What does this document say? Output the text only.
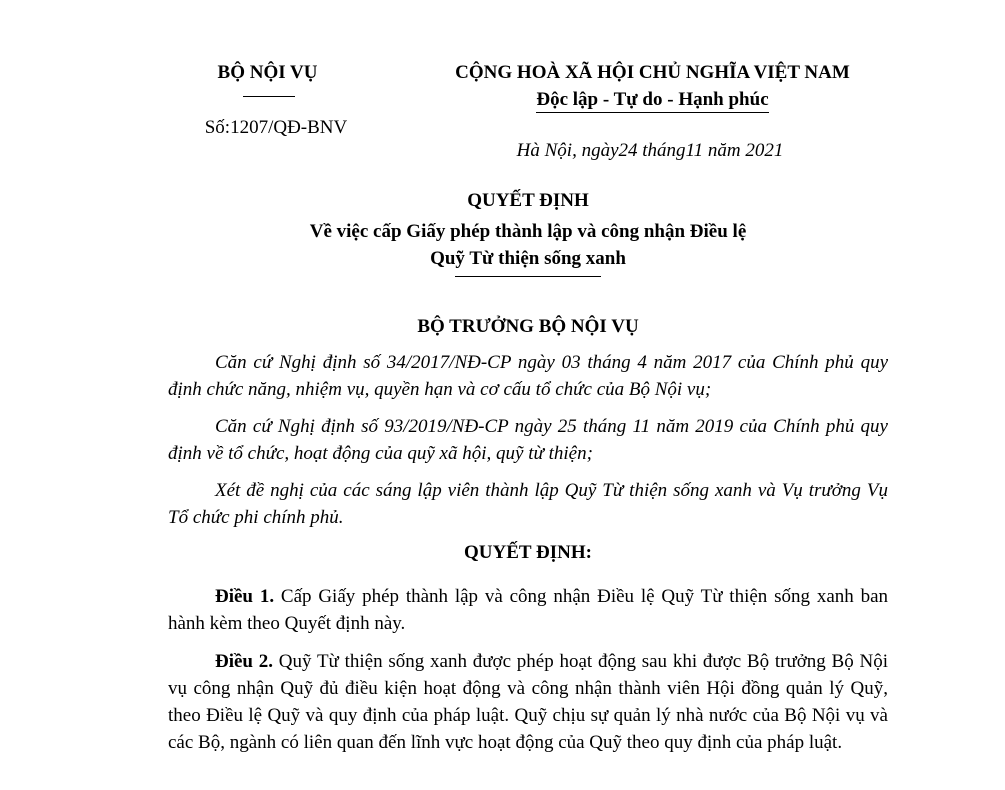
BỘ NỘI VỤ
Số:1207/QĐ-BNV
CỘNG HOÀ XÃ HỘI CHỦ NGHĨA VIỆT NAM
Độc lập - Tự do - Hạnh phúc
Hà Nội, ngày24 tháng11 năm 2021
QUYẾT ĐỊNH
Về việc cấp Giấy phép thành lập và công nhận Điều lệ
Quỹ Từ thiện sống xanh
BỘ TRƯỞNG BỘ NỘI VỤ
Căn cứ Nghị định số 34/2017/NĐ-CP ngày 03 tháng 4 năm 2017 của Chính phủ quy định chức năng, nhiệm vụ, quyền hạn và cơ cấu tổ chức của Bộ Nội vụ;
Căn cứ Nghị định số 93/2019/NĐ-CP ngày 25 tháng 11 năm 2019 của Chính phủ quy định về tổ chức, hoạt động của quỹ xã hội, quỹ từ thiện;
Xét đề nghị của các sáng lập viên thành lập Quỹ Từ thiện sống xanh và Vụ trưởng Vụ Tổ chức phi chính phủ.
QUYẾT ĐỊNH:
Điều 1. Cấp Giấy phép thành lập và công nhận Điều lệ Quỹ Từ thiện sống xanh ban hành kèm theo Quyết định này.
Điều 2. Quỹ Từ thiện sống xanh được phép hoạt động sau khi được Bộ trưởng Bộ Nội vụ công nhận Quỹ đủ điều kiện hoạt động và công nhận thành viên Hội đồng quản lý Quỹ, theo Điều lệ Quỹ và quy định của pháp luật. Quỹ chịu sự quản lý nhà nước của Bộ Nội vụ và các Bộ, ngành có liên quan đến lĩnh vực hoạt động của Quỹ theo quy định của pháp luật.
